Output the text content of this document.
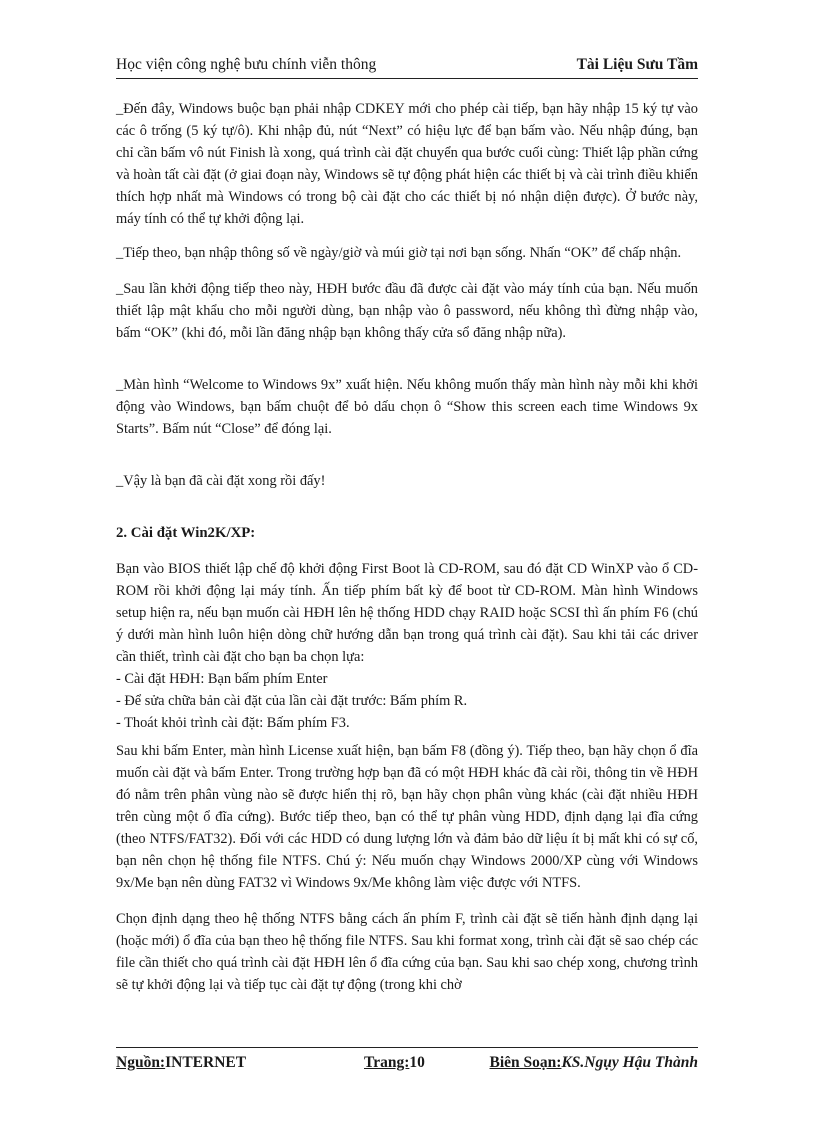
Học viện công nghệ bưu chính viễn thông	Tài Liệu Sưu Tầm

_Đến đây, Windows buộc bạn phải nhập CDKEY mới cho phép cài tiếp, bạn hãy nhập 15 ký tự vào các ô trống (5 ký tự/ô). Khi nhập đủ, nút “Next” có hiệu lực để bạn bấm vào. Nếu nhập đúng, bạn chỉ cần bấm vô nút Finish là xong, quá trình cài đặt chuyển qua bước cuối cùng: Thiết lập phần cứng và hoàn tất cài đặt (ở giai đoạn này, Windows sẽ tự động phát hiện các thiết bị và cài trình điều khiển thích hợp nhất mà Windows có trong bộ cài đặt cho các thiết bị nó nhận diện được). Ở bước này, máy tính có thể tự khởi động lại.

_Tiếp theo, bạn nhập thông số về ngày/giờ và múi giờ tại nơi bạn sống. Nhấn “OK” để chấp nhận.

_Sau lần khởi động tiếp theo này, HĐH bước đầu đã được cài đặt vào máy tính của bạn. Nếu muốn thiết lập mật khẩu cho mỗi người dùng, bạn nhập vào ô password, nếu không thì đừng nhập vào, bấm “OK” (khi đó, mỗi lần đăng nhập bạn không thấy cửa sổ đăng nhập nữa).

_Màn hình “Welcome to Windows 9x” xuất hiện. Nếu không muốn thấy màn hình này mỗi khi khởi động vào Windows, bạn bấm chuột để bỏ dấu chọn ô “Show this screen each time Windows 9x Starts”. Bấm nút “Close” để đóng lại.

_Vậy là bạn đã cài đặt xong rồi đấy!

2. Cài đặt Win2K/XP:

Bạn vào BIOS thiết lập chế độ khởi động First Boot là CD-ROM, sau đó đặt CD WinXP vào ổ CD-ROM rồi khởi động lại máy tính. Ấn tiếp phím bất kỳ để boot từ CD-ROM. Màn hình Windows setup hiện ra, nếu bạn muốn cài HĐH lên hệ thống HDD chạy RAID hoặc SCSI thì ấn phím F6 (chú ý dưới màn hình luôn hiện dòng chữ hướng dẫn bạn trong quá trình cài đặt). Sau khi tải các driver cần thiết, trình cài đặt cho bạn ba chọn lựa:

- Cài đặt HĐH: Bạn bấm phím Enter
- Để sửa chữa bản cài đặt của lần cài đặt trước: Bấm phím R.
- Thoát khỏi trình cài đặt: Bấm phím F3.

Sau khi bấm Enter, màn hình License xuất hiện, bạn bấm F8 (đồng ý). Tiếp theo, bạn hãy chọn ổ đĩa muốn cài đặt và bấm Enter. Trong trường hợp bạn đã có một HĐH khác đã cài rồi, thông tin về HĐH đó nằm trên phân vùng nào sẽ được hiển thị rõ, bạn hãy chọn phân vùng khác (cài đặt nhiều HĐH trên cùng một ổ đĩa cứng). Bước tiếp theo, bạn có thể tự phân vùng HDD, định dạng lại đĩa cứng (theo NTFS/FAT32). Đối với các HDD có dung lượng lớn và đảm bảo dữ liệu ít bị mất khi có sự cố, bạn nên chọn hệ thống file NTFS. Chú ý: Nếu muốn chạy Windows 2000/XP cùng với Windows 9x/Me bạn nên dùng FAT32 vì Windows 9x/Me không làm việc được với NTFS.

Chọn định dạng theo hệ thống NTFS bằng cách ấn phím F, trình cài đặt sẽ tiến hành định dạng lại (hoặc mới) ổ đĩa của bạn theo hệ thống file NTFS. Sau khi format xong, trình cài đặt sẽ sao chép các file cần thiết cho quá trình cài đặt HĐH lên ổ đĩa cứng của bạn. Sau khi sao chép xong, chương trình sẽ tự khởi động lại và tiếp tục cài đặt tự động (trong khi chờ

Nguồn:INTERNET	Trang:10	Biên Soạn:KS.Ngụy Hậu Thành
